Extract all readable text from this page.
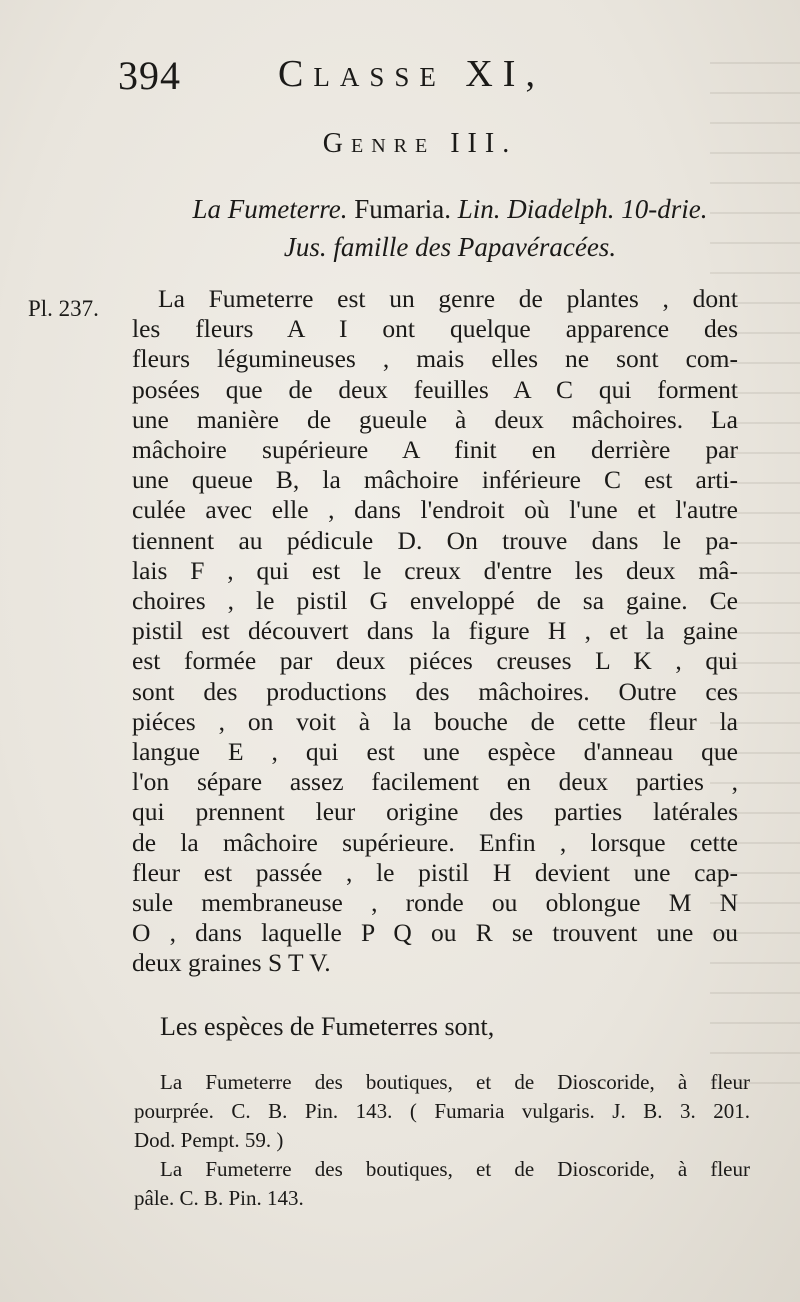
394	Classe XI,
Genre III.
La Fumeterre. Fumaria. Lin. Diadelph. 10-drie.
Jus. famille des Papavéracées.
Pl. 237.	La Fumeterre est un genre de plantes , dont
les fleurs A I ont quelque apparence des
fleurs légumineuses , mais elles ne sont com-
posées que de deux feuilles A C qui forment
une manière de gueule à deux mâchoires. La
mâchoire supérieure A finit en derrière par
une queue B, la mâchoire inférieure C est arti-
culée avec elle , dans l'endroit où l'une et l'autre
tiennent au pédicule D. On trouve dans le pa-
lais F , qui est le creux d'entre les deux mâ-
choires , le pistil G enveloppé de sa gaine. Ce
pistil est découvert dans la figure H , et la gaine
est formée par deux piéces creuses L K , qui
sont des productions des mâchoires. Outre ces
piéces , on voit à la bouche de cette fleur la
langue E , qui est une espèce d'anneau que
l'on sépare assez facilement en deux parties ,
qui prennent leur origine des parties latérales
de la mâchoire supérieure. Enfin , lorsque cette
fleur est passée , le pistil H devient une cap-
sule membraneuse , ronde ou oblongue M N
O , dans laquelle P Q ou R se trouvent une ou
deux graines S T V.
Les espèces de Fumeterres sont,
La Fumeterre des boutiques, et de Dioscoride, à fleur
pourprée. C. B. Pin. 143. ( Fumaria vulgaris. J. B. 3. 201.
Dod. Pempt. 59. )
La Fumeterre des boutiques, et de Dioscoride, à fleur
pâle. C. B. Pin. 143.
